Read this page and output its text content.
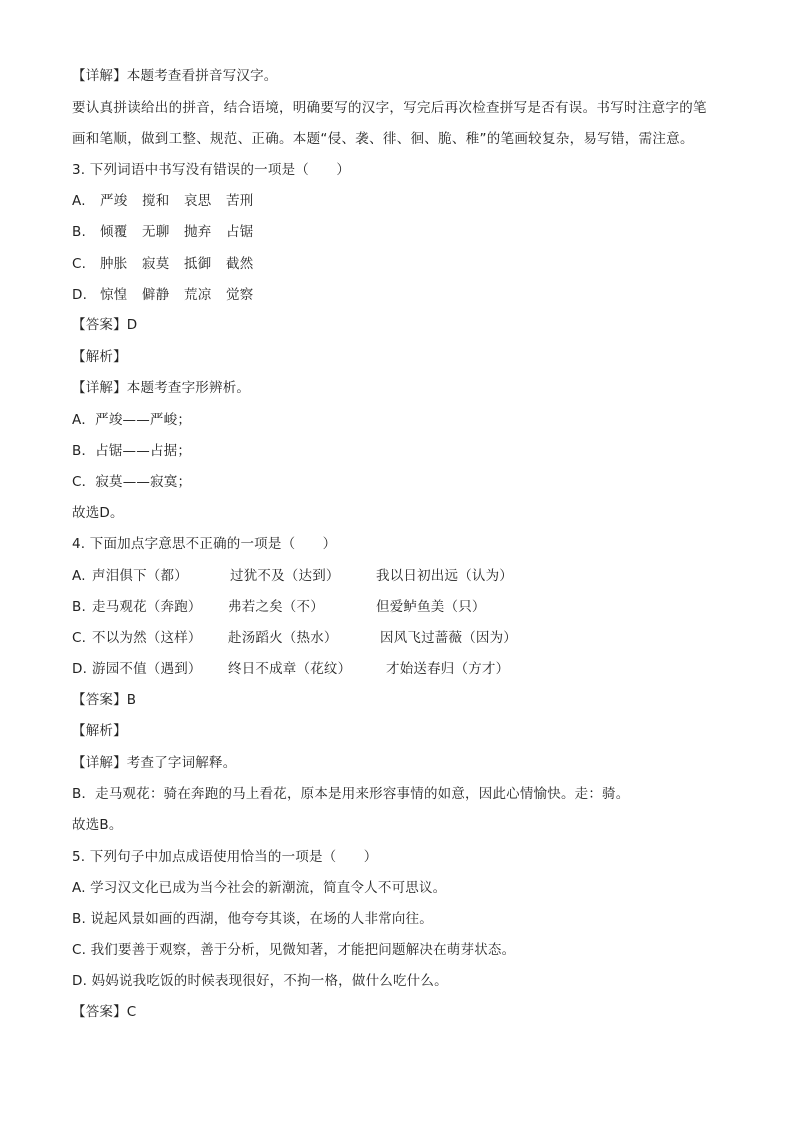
【详解】本题考查看拼音写汉字。
要认真拼读给出的拼音，结合语境，明确要写的汉字，写完后再次检查拼写是否有误。书写时注意字的笔
画和笔顺，做到工整、规范、正确。本题“侵、袭、徘、徊、脆、稚”的笔画较复杂，易写错，需注意。
3. 下列词语中书写没有错误的一项是（　　）
A. 严竣 搅和 哀思 苦刑
B. 倾覆 无聊 抛弃 占锯
C. 肿胀 寂莫 抵御 截然
D. 惊惶 僻静 荒凉 觉察
【答案】D
【解析】
【详解】本题考查字形辨析。
A．严竣——严峻；
B．占锯——占据；
C．寂莫——寂寞；
故选D。
4. 下面加点字意思不正确的一项是（　　）
A. 声泪俱下（都）	过犹不及（达到）	我以日初出远（认为）
B. 走马观花（奔跑） 弗若之矣（不）	但爱鲈鱼美（只）
C. 不以为然（这样） 赴汤蹈火（热水）	因风飞过蔷薇（因为）
D. 游园不值（遇到） 终日不成章（花纹）	才始送春归（方才）
【答案】B
【解析】
【详解】考查了字词解释。
B．走马观花：骑在奔跑的马上看花，原本是用来形容事情的如意，因此心情愉快。走：骑。
故选B。
5. 下列句子中加点成语使用恰当的一项是（　　）
A. 学习汉文化已成为当今社会的新潮流，简直令人不可思议。
B. 说起风景如画的西湖，他夸夸其谈，在场的人非常向往。
C. 我们要善于观察，善于分析，见微知著，才能把问题解决在萌芽状态。
D. 妈妈说我吃饭的时候表现很好，不拘一格，做什么吃什么。
【答案】C
